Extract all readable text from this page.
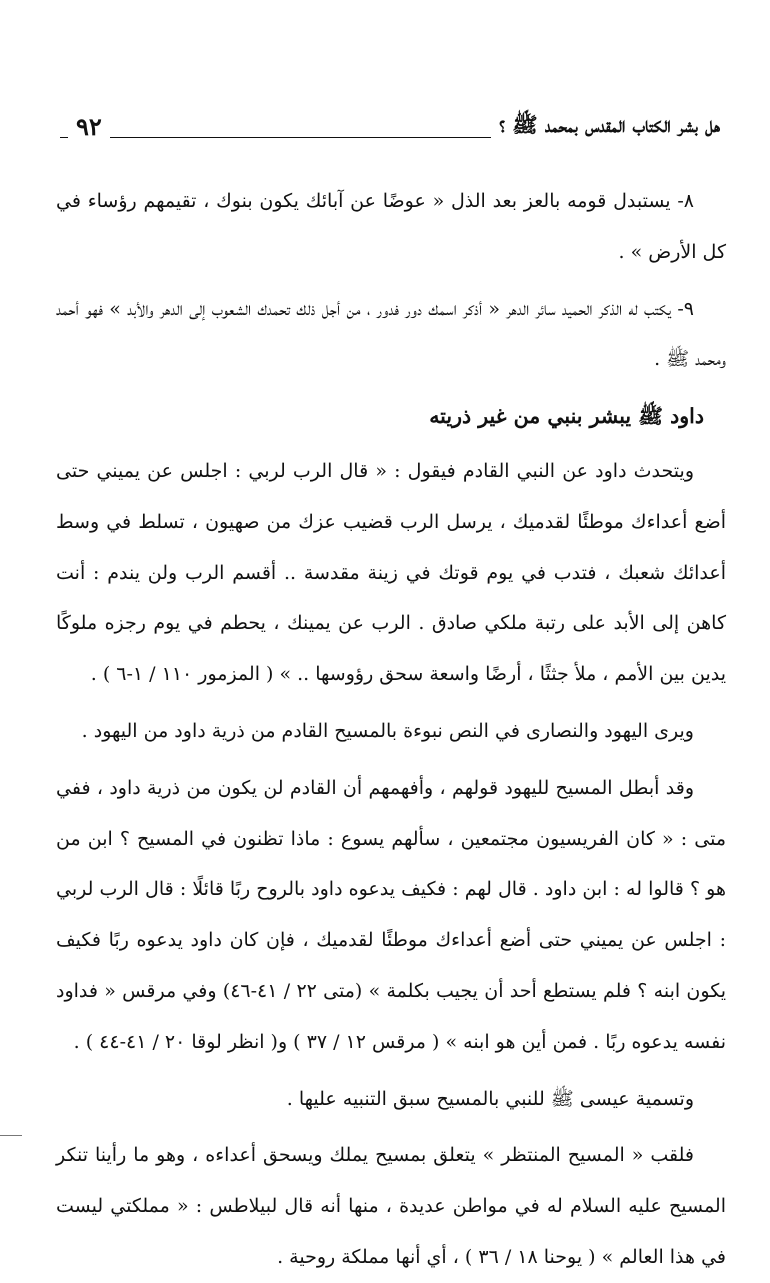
هل بشر الكتاب المقدس بمحمد ﷺ ؟
٩٢

٨- يستبدل قومه بالعز بعد الذل « عوضًا عن آبائك يكون بنوك ، تقيمهم رؤساء في كل الأرض » .

٩- يكتب له الذكر الحميد سائر الدهر « أذكر اسمك دور فدور ، من أجل ذلك تحمدك الشعوب إلى الدهر والأبد » فهو أحمد ومحمد ﷺ .

داود ﷺ يبشر بنبي من غير ذريته

ويتحدث داود عن النبي القادم فيقول : « قال الرب لربي : اجلس عن يميني حتى أضع أعداءك موطئًا لقدميك ، يرسل الرب قضيب عزك من صهيون ، تسلط في وسط أعدائك شعبك ، فتدب في يوم قوتك في زينة مقدسة .. أقسم الرب ولن يندم : أنت كاهن إلى الأبد على رتبة ملكي صادق . الرب عن يمينك ، يحطم في يوم رجزه ملوكًا يدين بين الأمم ، ملأ جثثًا ، أرضًا واسعة سحق رؤوسها .. » ( المزمور ١١٠ / ١-٦ ) .

ويرى اليهود والنصارى في النص نبوءة بالمسيح القادم من ذرية داود من اليهود .

وقد أبطل المسيح لليهود قولهم ، وأفهمهم أن القادم لن يكون من ذرية داود ، ففي متى : « كان الفريسيون مجتمعين ، سألهم يسوع : ماذا تظنون في المسيح ؟ ابن من هو ؟ قالوا له : ابن داود . قال لهم : فكيف يدعوه داود بالروح ربًا قائلًا : قال الرب لربي : اجلس عن يميني حتى أضع أعداءك موطئًا لقدميك ، فإن كان داود يدعوه ربًا فكيف يكون ابنه ؟ فلم يستطع أحد أن يجيب بكلمة » (متى ٢٢ / ٤١-٤٦) وفي مرقس « فداود نفسه يدعوه ربًا . فمن أين هو ابنه » ( مرقس ١٢ / ٣٧ ) و( انظر لوقا ٢٠ / ٤١-٤٤ ) .

وتسمية عيسى ﷺ للنبي بالمسيح سبق التنبيه عليها .

فلقب « المسيح المنتظر » يتعلق بمسيح يملك ويسحق أعداءه ، وهو ما رأينا تنكر المسيح عليه السلام له في مواطن عديدة ، منها أنه قال لبيلاطس : « مملكتي ليست في هذا العالم » ( يوحنا ١٨ / ٣٦ ) ، أي أنها مملكة روحية .
